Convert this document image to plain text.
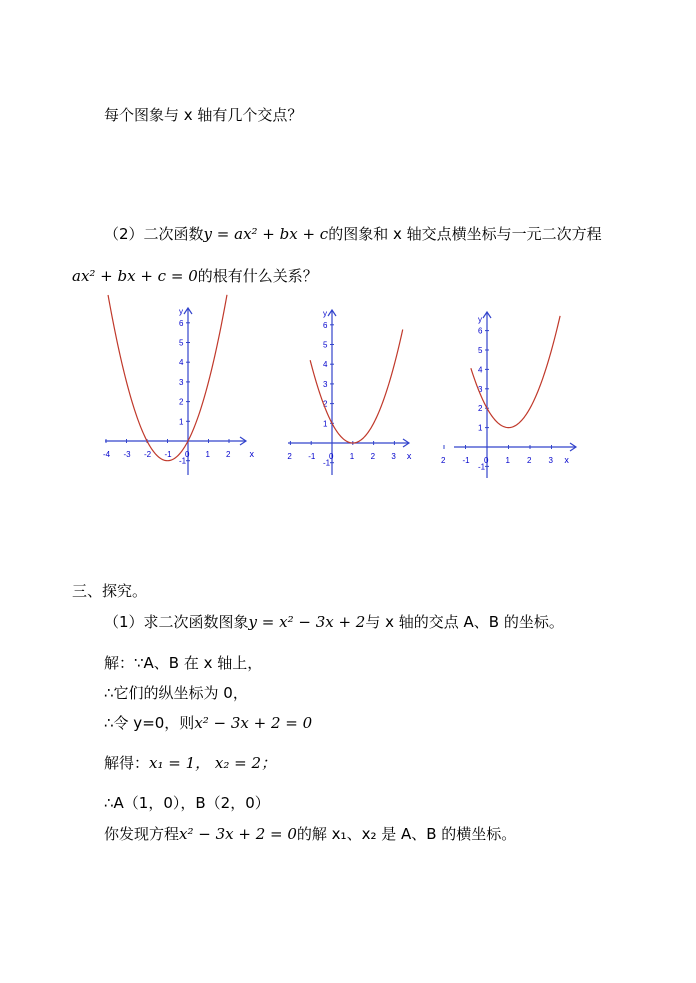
每个图象与 x 轴有几个交点？
（2）二次函数y = ax² + bx + c的图象和 x 轴交点横坐标与一元二次方程
ax² + bx + c = 0的根有什么关系？
-4 -3 -2 -1 0 1 2 x
-1
1
2
3
4
5
6
y
2 -1 0 1 2 3 x
-1
1
2
3
4
5
6
y
2 -1 0 1 2 3 x
-1
1
2
3
4
5
6
y
三、探究。
（1）求二次函数图象y = x² − 3x + 2与 x 轴的交点 A、B 的坐标。
解：∵A、B 在 x 轴上，
∴它们的纵坐标为 0，
∴令 y=0，则x² − 3x + 2 = 0
解得：x₁ = 1， x₂ = 2；
∴A（1，0），B（2，0）
你发现方程x² − 3x + 2 = 0的解 x₁、x₂ 是 A、B 的横坐标。
